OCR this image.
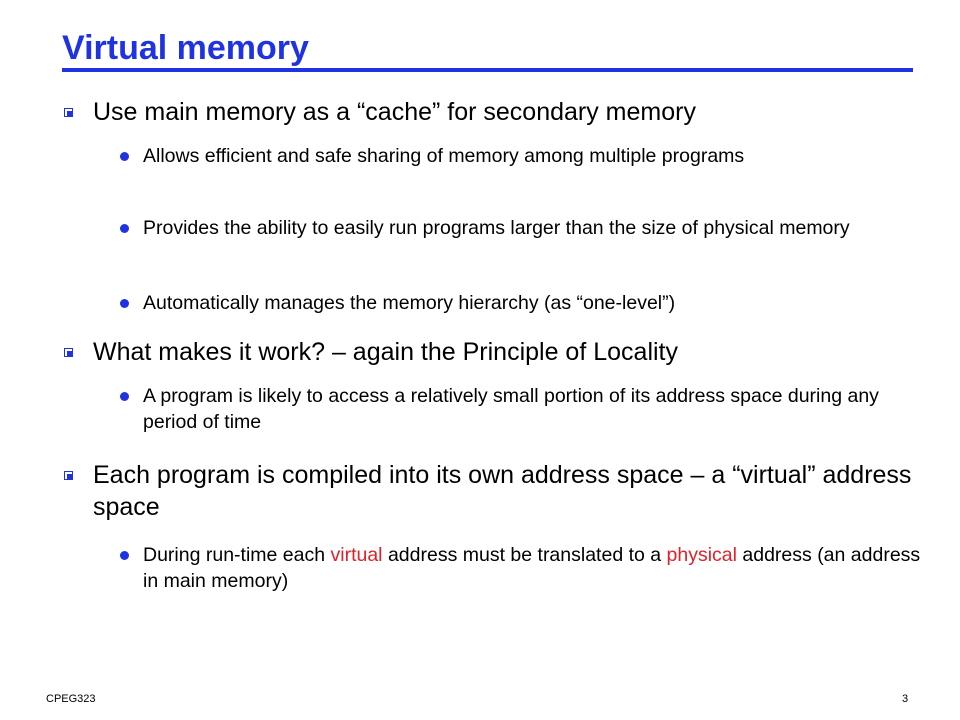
Virtual memory
Use main memory as a “cache” for secondary memory
Allows efficient and safe sharing of memory among multiple programs
Provides the ability to easily run programs larger than the size of physical memory
Automatically manages the memory hierarchy (as “one-level”)
What makes it work? – again the Principle of Locality
A program is likely to access a relatively small portion of its address space during any period of time
Each program is compiled into its own address space – a “virtual” address space
During run-time each virtual address must be translated to a physical address (an address in main memory)
CPEG323	3
